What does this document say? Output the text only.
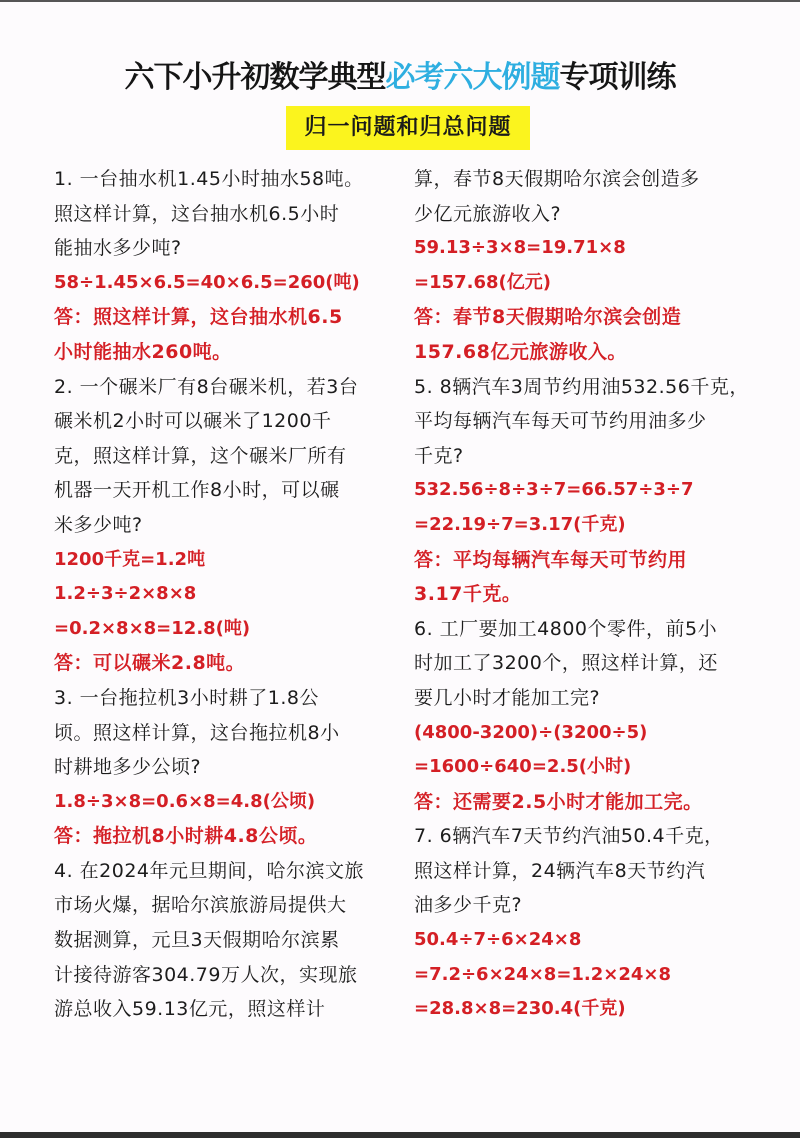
六下小升初数学典型必考六大例题专项训练
归一问题和归总问题
1. 一台抽水机1.45小时抽水58吨。
照这样计算，这台抽水机6.5小时
能抽水多少吨?
58÷1.45×6.5=40×6.5=260(吨)
答：照这样计算，这台抽水机6.5
小时能抽水260吨。
2. 一个碾米厂有8台碾米机，若3台
碾米机2小时可以碾米了1200千
克，照这样计算，这个碾米厂所有
机器一天开机工作8小时，可以碾
米多少吨?
1200千克=1.2吨
1.2÷3÷2×8×8
=0.2×8×8=12.8(吨)
答：可以碾米2.8吨。
3. 一台拖拉机3小时耕了1.8公
顷。照这样计算，这台拖拉机8小
时耕地多少公顷?
1.8÷3×8=0.6×8=4.8(公顷)
答：拖拉机8小时耕4.8公顷。
4. 在2024年元旦期间，哈尔滨文旅
市场火爆，据哈尔滨旅游局提供大
数据测算，元旦3天假期哈尔滨累
计接待游客304.79万人次，实现旅
游总收入59.13亿元，照这样计
算，春节8天假期哈尔滨会创造多
少亿元旅游收入?
59.13÷3×8=19.71×8
=157.68(亿元)
答：春节8天假期哈尔滨会创造
157.68亿元旅游收入。
5. 8辆汽车3周节约用油532.56千克，
平均每辆汽车每天可节约用油多少
千克?
532.56÷8÷3÷7=66.57÷3÷7
=22.19÷7=3.17(千克)
答：平均每辆汽车每天可节约用
3.17千克。
6. 工厂要加工4800个零件，前5小
时加工了3200个，照这样计算，还
要几小时才能加工完?
(4800-3200)÷(3200÷5)
=1600÷640=2.5(小时)
答：还需要2.5小时才能加工完。
7. 6辆汽车7天节约汽油50.4千克，
照这样计算，24辆汽车8天节约汽
油多少千克?
50.4÷7÷6×24×8
=7.2÷6×24×8=1.2×24×8
=28.8×8=230.4(千克)
